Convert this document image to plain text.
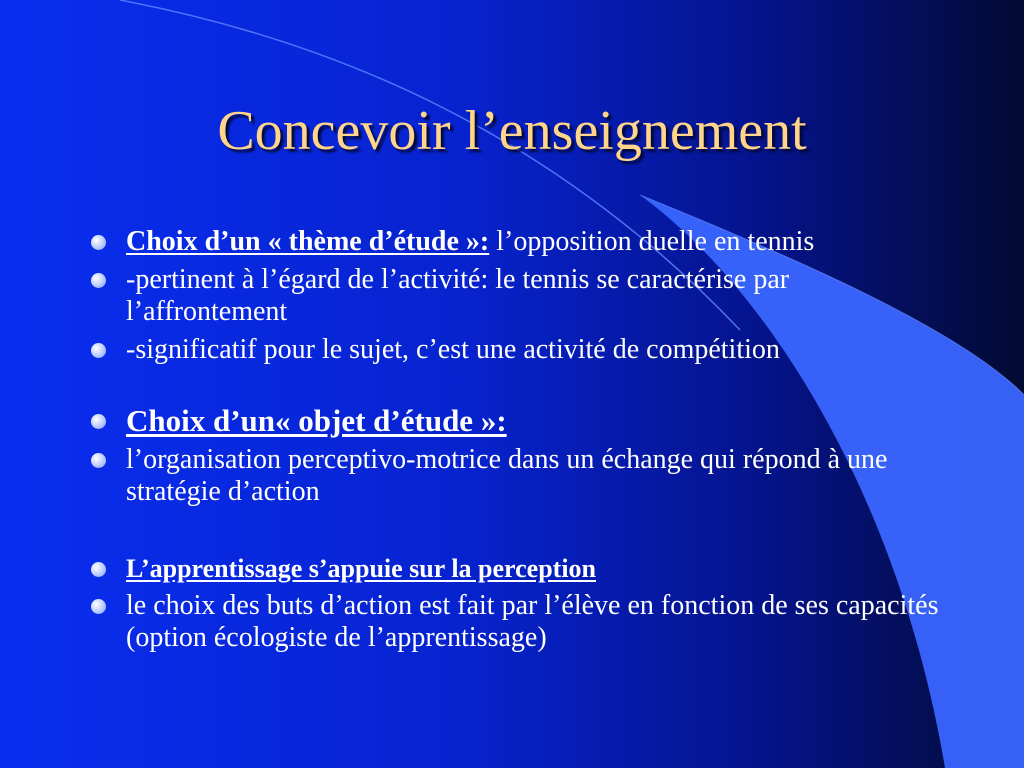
Concevoir l’enseignement
Choix d’un « thème d’étude »: l’opposition duelle en tennis
-pertinent à l’égard de l’activité: le tennis se caractérise par l’affrontement
-significatif pour le sujet, c’est une activité de compétition
Choix d’un« objet d’étude »:
l’organisation perceptivo-motrice dans un échange qui répond à une stratégie d’action
L’apprentissage s’appuie sur la perception
le choix des buts d’action est fait par l’élève en fonction de ses capacités (option écologiste de l’apprentissage)
